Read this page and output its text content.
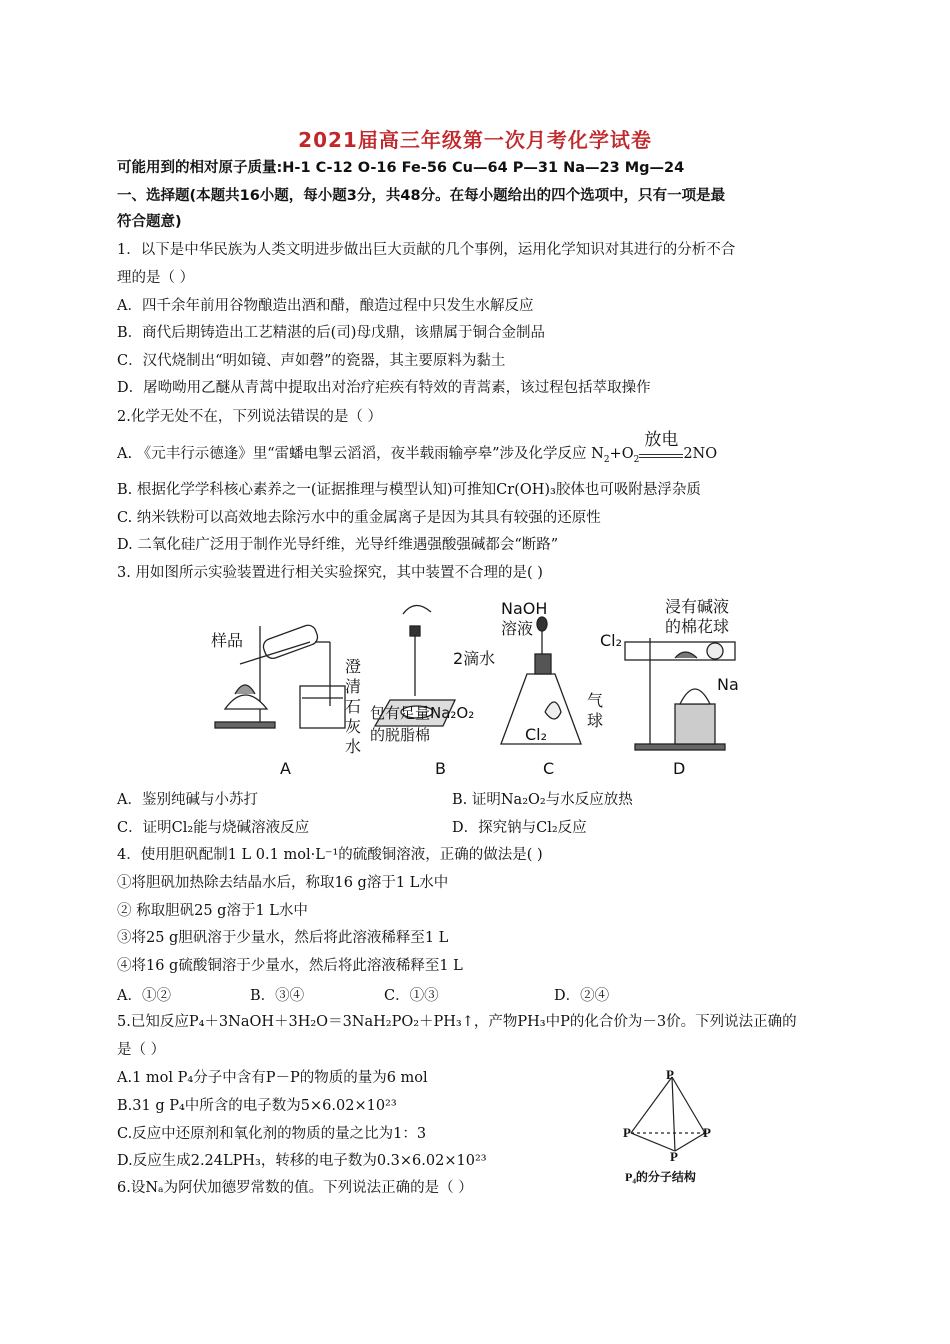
2021届高三年级第一次月考化学试卷
可能用到的相对原子质量:H-1 C-12 O-16 Fe-56 Cu—64 P—31 Na—23 Mg—24
一、选择题(本题共16小题，每小题3分，共48分。在每小题给出的四个选项中，只有一项是最
符合题意)
1．以下是中华民族为人类文明进步做出巨大贡献的几个事例，运用化学知识对其进行的分析不合
理的是（ ）
A．四千余年前用谷物酿造出酒和醋，酿造过程中只发生水解反应
B．商代后期铸造出工艺精湛的后(司)母戊鼎，该鼎属于铜合金制品
C．汉代烧制出“明如镜、声如磬”的瓷器，其主要原料为黏土
D．屠呦呦用乙醚从青蒿中提取出对治疗疟疾有特效的青蒿素，该过程包括萃取操作
2.化学无处不在，下列说法错误的是（ ）
A. 《元丰行示德逢》里“雷蟠电掣云滔滔，夜半载雨输亭皋”涉及化学反应 $N_2+O_2$
放电
2NO
B. 根据化学学科核心素养之一(证据推理与模型认知)可推知Cr(OH)₃胶体也可吸附悬浮杂质
C. 纳米铁粉可以高效地去除污水中的重金属离子是因为其具有较强的还原性
D. 二氧化硅广泛用于制作光导纤维，光导纤维遇强酸强碱都会“断路”
3. 用如图所示实验装置进行相关实验探究，其中装置不合理的是( )
样品
澄
清
石
灰
水
2滴水
包有足量Na₂O₂
的脱脂棉
NaOH
溶液
气
球
Cl₂
浸有碱液
的棉花球
Cl₂
Na
A	B	C	D
A．鉴别纯碱与小苏打	B. 证明Na₂O₂与水反应放热
C．证明Cl₂能与烧碱溶液反应	D．探究钠与Cl₂反应
4．使用胆矾配制1 L 0.1 mol·L⁻¹的硫酸铜溶液，正确的做法是( )
①将胆矾加热除去结晶水后，称取16 g溶于1 L水中
② 称取胆矾25 g溶于1 L水中
③将25 g胆矾溶于少量水，然后将此溶液稀释至1 L
④将16 g硫酸铜溶于少量水，然后将此溶液稀释至1 L
A．①②	B．③④	C．①③	D．②④
5.已知反应P₄＋3NaOH＋3H₂O＝3NaH₂PO₂＋PH₃↑，产物PH₃中P的化合价为－3价。下列说法正确的
是（ ）
A.1 mol P₄分子中含有P－P的物质的量为6 mol
B.31 g P₄中所含的电子数为5×6.02×10²³
C.反应中还原剂和氧化剂的物质的量之比为1：3
D.反应生成2.24LPH₃，转移的电子数为0.3×6.02×10²³
P
P	P
P
P₄的分子结构
6.设Nₐ为阿伏加德罗常数的值。下列说法正确的是（ ）
